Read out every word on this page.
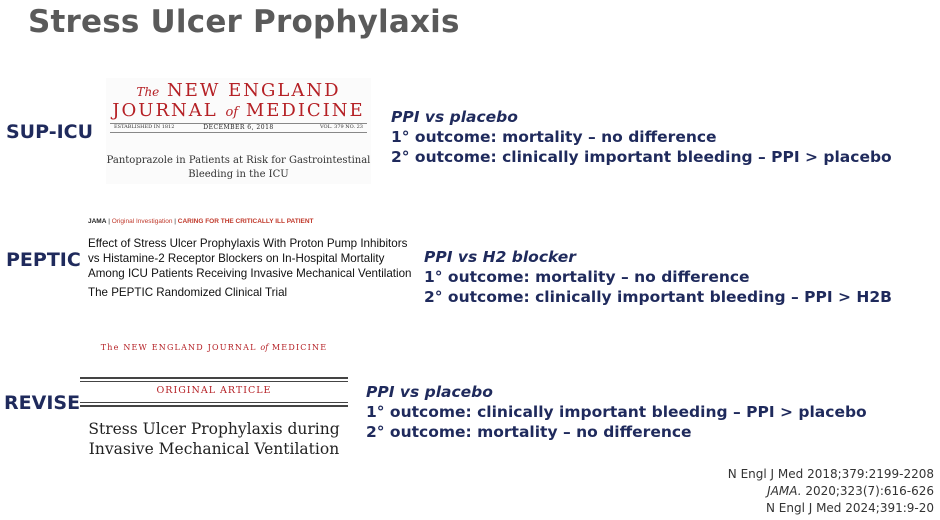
Stress Ulcer Prophylaxis
SUP-ICU
The NEW ENGLAND
JOURNAL of MEDICINE
ESTABLISHED IN 1812	DECEMBER 6, 2018	VOL. 379 NO. 23
Pantoprazole in Patients at Risk for Gastrointestinal
Bleeding in the ICU
PPI vs placebo
1° outcome: mortality – no difference
2° outcome: clinically important bleeding – PPI > placebo
PEPTIC
JAMA | Original Investigation | CARING FOR THE CRITICALLY ILL PATIENT
Effect of Stress Ulcer Prophylaxis With Proton Pump Inhibitors
vs Histamine-2 Receptor Blockers on In-Hospital Mortality
Among ICU Patients Receiving Invasive Mechanical Ventilation
The PEPTIC Randomized Clinical Trial
PPI vs H2 blocker
1° outcome: mortality – no difference
2° outcome: clinically important bleeding – PPI > H2B
REVISE
The NEW ENGLAND JOURNAL of MEDICINE
ORIGINAL ARTICLE
Stress Ulcer Prophylaxis during
Invasive Mechanical Ventilation
PPI vs placebo
1° outcome: clinically important bleeding – PPI > placebo
2° outcome: mortality – no difference
N Engl J Med 2018;379:2199-2208
JAMA. 2020;323(7):616-626
N Engl J Med 2024;391:9-20
